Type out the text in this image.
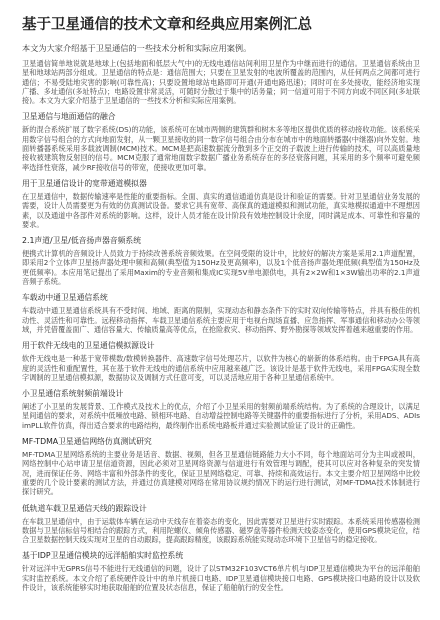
基于卫星通信的技术文章和经典应用案例汇总

本文为大家介绍基于卫星通信的一些技术分析和实际应用案例。

卫星通信简单地说就是地球上(包括地面和低层大气中)的无线电通信站间利用卫星作为中继而进行的通信。卫星通信系统由卫星和地球站两部分组成。卫星通信的特点是：通信范围大；只要在卫星发射的电波所覆盖的范围内，从任何两点之间都可进行通信；不易受陆地灾害的影响(可靠性高)；只要设置地球站电路即可开通(开通电路迅速)；同时可在多处接收，能经济地实现广播、多址通信(多址特点)；电路设置非常灵活，可随时分散过于集中的话务量；同一信道可用于不同方向或不同区间(多址联接)。本文为大家介绍基于卫星通信的一些技术分析和实际应用案例。

卫星通信与地面通信的融合

新的混合系统扩展了数字系统(DS)的功能，该系统可在城市两侧的建筑群和树木多等地区提供优质的移动接收功能。该系统采用数字信号组合的方式向地面发射，从一颗卫星接收的同一数字信号组合由分布在城市中的地面转播器(中继器)向外发射。地面转播器系统采用多载波调制(MCM)技术。MCM是把高速数据流分散到多个正交的子载波上进行传输的技术，可以高质量地接收被建筑物反射回的信号。MCM克服了通常地面数字数据广播业务系统存在的多径衰落问题，其采用的多个频率可避免频率选择性衰落，减少RF接收信号的带宽，使接收更加可靠。

用于卫星通信设计的宽带通道模拟器

在卫星通信中，数据传输速率是性能的重要指标。全面、真实的通信通道仿真是设计和验证的需要。针对卫星通信业务发展的需要，设计人员需要更为有效的仿真测试设备。要求它具有宽带、高保真的通道模拟和测试功能，真实地模拟通道中不理想因素，以及通道中各部件对系统的影响。这样，设计人员才能在设计阶段有效地控制设计余度，同时满足成本、可靠性和容量的要求。

2.1声道/卫星/低音扬声器音频系统

便携式计算机的音频设计人员致力于持续改善系统音频效果。在空间受限的设计中，比较好的解决方案是采用2.1声道配置，即采用2个立体声卫星扬声器处理中频和高频(典型值为150Hz及更高频率)，以及1个低音扬声器处理低频(典型值为150Hz及更低频率)。本应用笔记提出了采用Maxim的专业音频和集成IC实现5V单电源供电，具有2×2W和1×3W输出功率的2.1声道音频子系统。

车载动中通卫星通信系统

车载动中通卫星通信系统具有不受时间、地域、距离的限制，实现动态和静态条件下的实时双向传输等特点，并具有极佳的机动性、灵活性和可靠性。远程移动指挥、车载卫星通信系统主要应用于电视台现场直播、应急指挥、军事通信和移动办公等领域，并凭借覆盖面广、通信容量大、传输质量高等优点，在抢险救灾、移动指挥、野外勘探等领域发挥着越来越重要的作用。

用于软件无线电的卫星通信模拟源设计

软件无线电是一种基于宽带模数/数模转换器件、高速数字信号处理芯片，以软件为核心的崭新的体系结构。由于FPGA具有高度的灵活性和重配置性，其在基于软件无线电的通信系统中应用越来越广泛。该设计是基于软件无线电，采用FPGA实现全数字调制的卫星通信模拟源，数据协议及调制方式任意可变，可以灵活地应用于各种卫星通信系统中。

小卫星通信系统射频前端设计

阐述了小卫星的发展背景、工作模式及技术上的优点，介绍了小卫星采用的射频前端系统结构。为了系统的合理设计，以满足星间通信的要求，对系统中低噪放电路、锁相环电路、自动增益控制电路等关键器件的重要指标进行了分析，采用ADS、ADIsimPLL软件仿真，得出适合要求的电路结构，最终制作出系统电路板并通过实验测试验证了设计的正确性。

MF-TDMA卫星通信网络仿真测试研究

MF-TDMA卫星网络系统的主要业务是话音、数据、视频，但各卫星通信链路能力大小不同，每个地面站可分为主叫或被叫，网络控制中心站申请卫星信道资源，因此必须对卫星网络资源与信道进行有效管理与调配，使其可以应对各种复杂的突发情况，进而保证任务、网络丰富和外部条件的变化，保证卫星网络稳定、可靠、持续和高效运行。本文主要介绍卫星网络中比较重要的几个设计要素的测试方法，并通过仿真建模对网络在常用协议规约情况下的运行进行测试，对MF-TDMA技术体制进行探讨研究。

低轨道车载卫星通信天线的跟踪设计

在车载卫星通信中，由于运载体车辆在运动中天线存在着姿态的变化，因此需要对卫星进行实时跟踪。本系统采用传感器检测数据与卫星信标信号相结合的跟踪方式，利用陀螺仪、倾角传感器、磁罗盘等器件检测天线姿态变化，使用GPS模块定位，结合卫星数据控制天线实现对卫星的自动跟踪，提高跟踪精度，该跟踪系统能实现动态环境下卫星信号的稳定接收。

基于IDP卫星通信模块的远洋船舶实时监控系统

针对远洋中无GPRS信号不能进行无线通信的问题，设计了以STM32F103VCT6单片机与IDP卫星通信模块为平台的远洋船舶实时监控系统。本文介绍了系统硬件设计中的单片机接口电路、IDP卫星通信模块接口电路、GPS模块接口电路的设计以及软件设计，该系统能够实时地获取船舶的位置及状态信息，保证了船舶航行的安全性。
